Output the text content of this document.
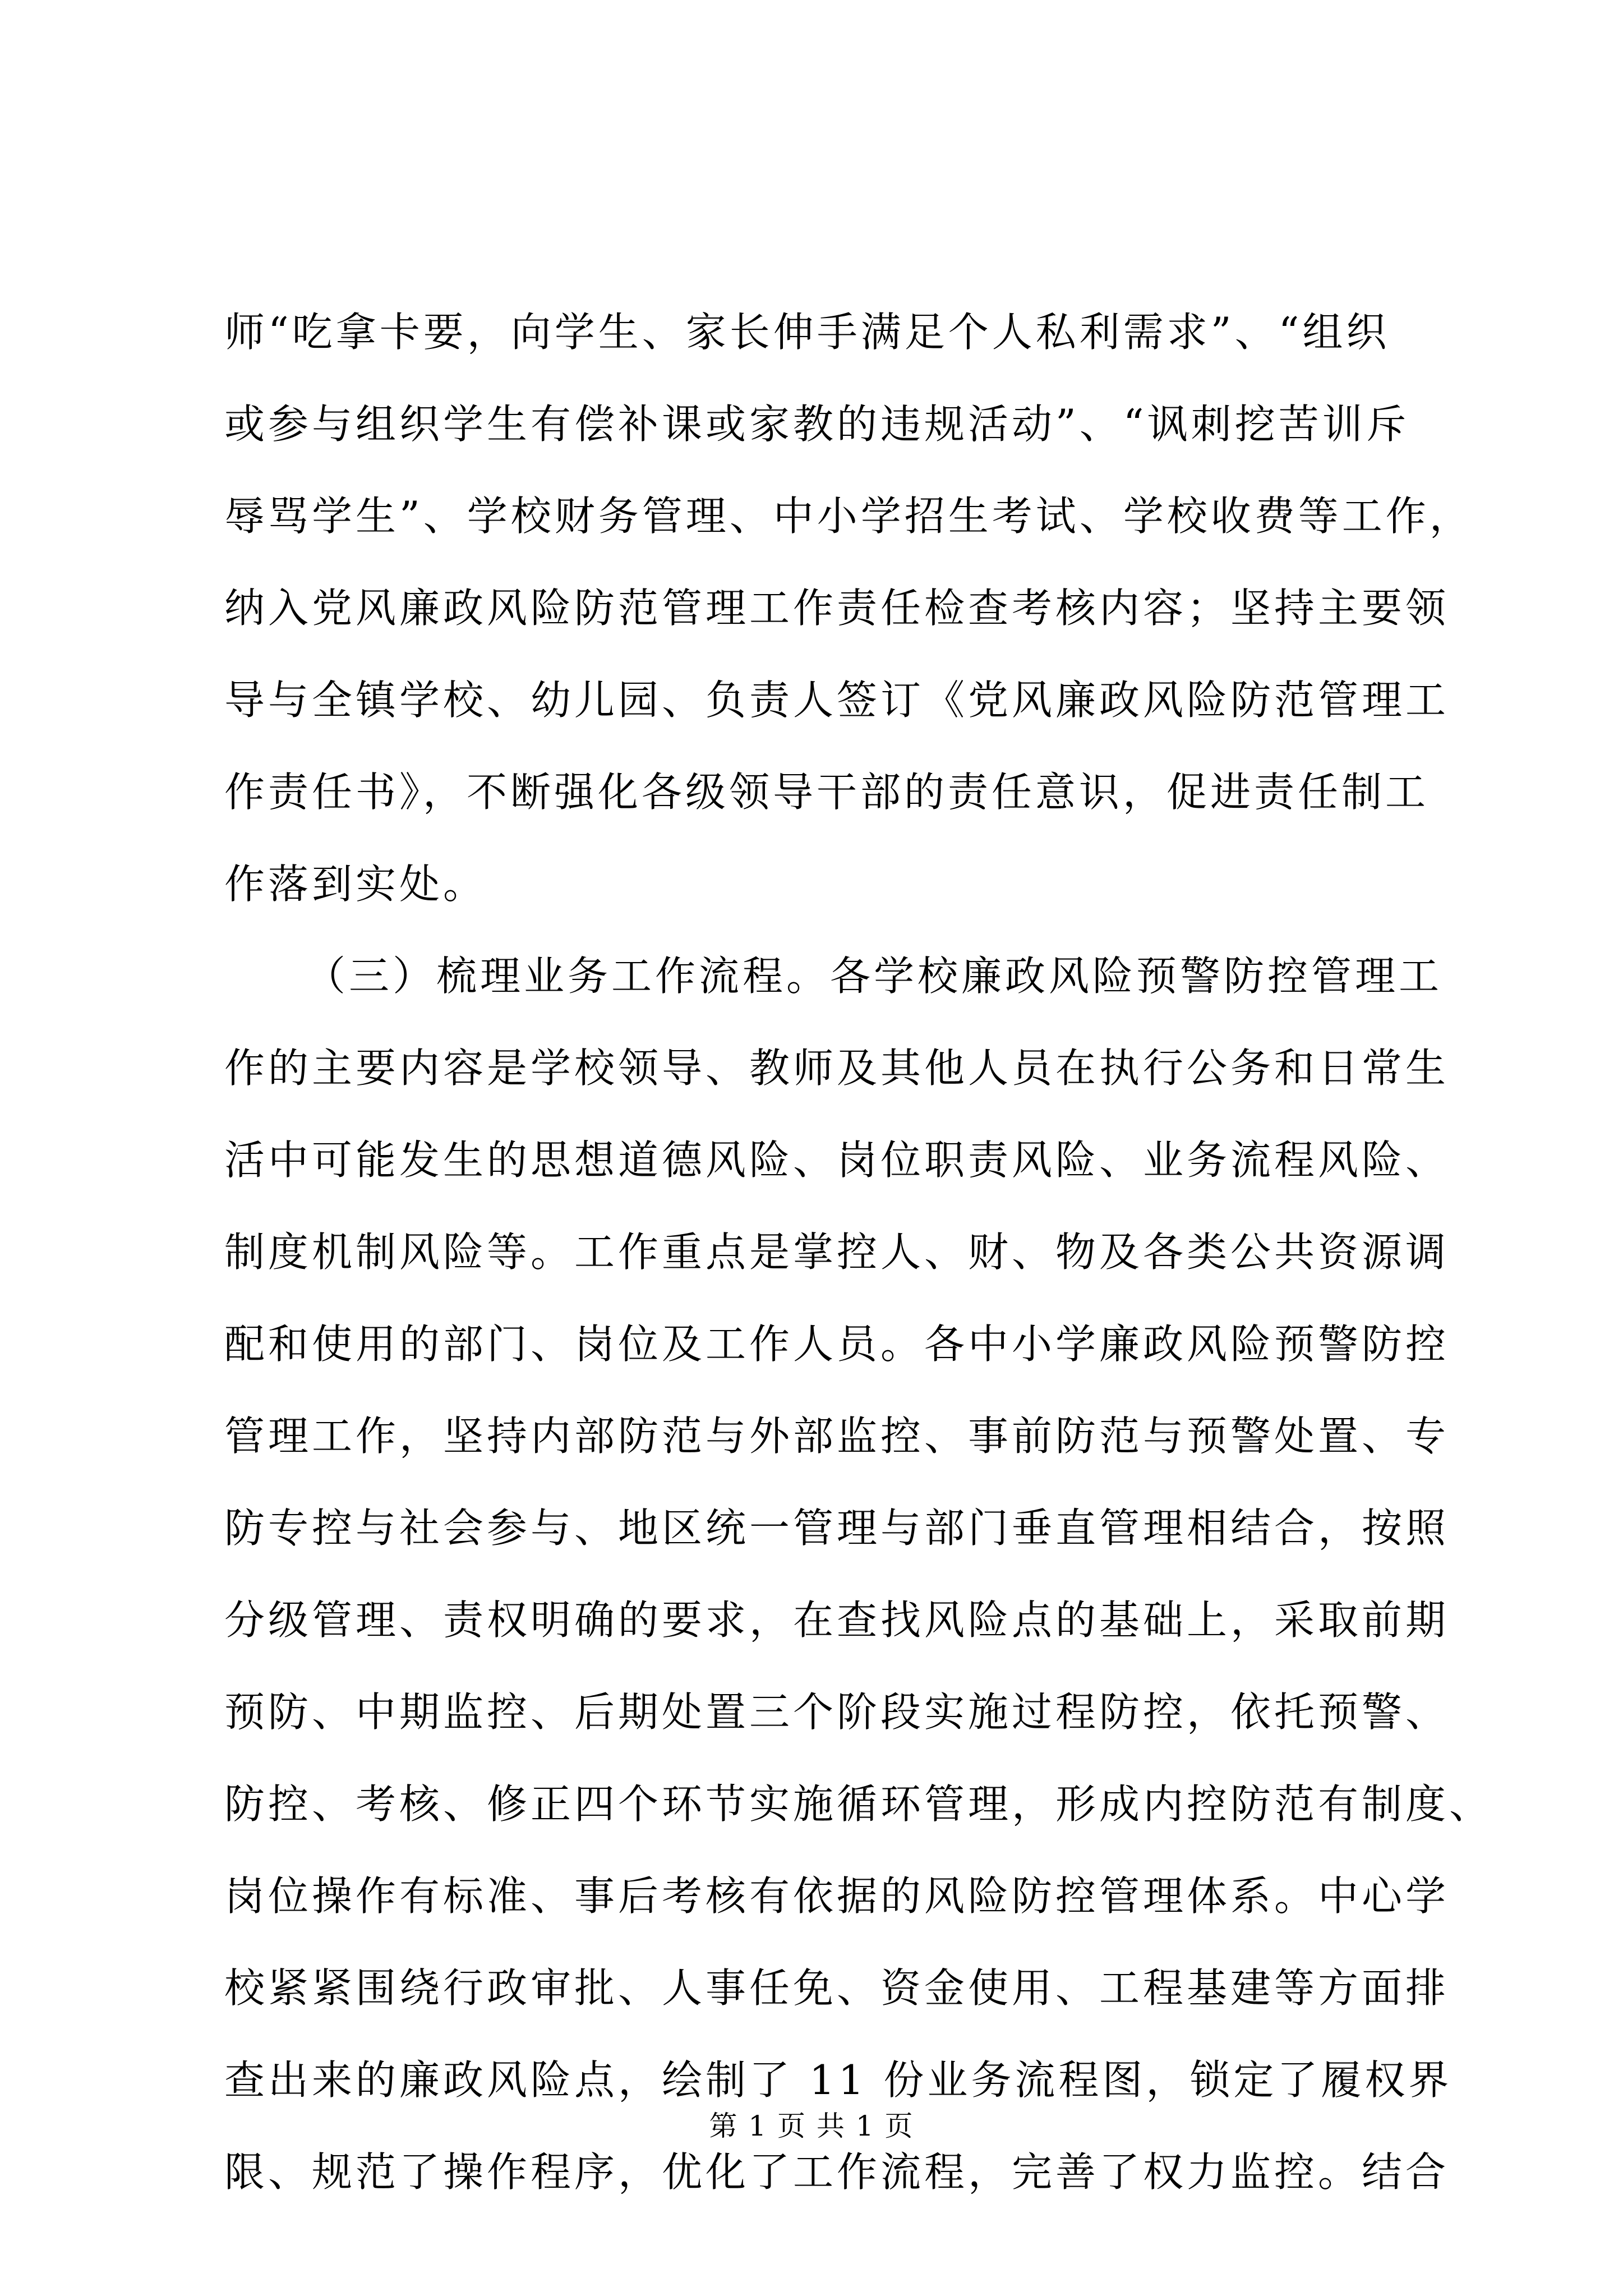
师“吃拿卡要，向学生、家长伸手满足个人私利需求”、“组织
或参与组织学生有偿补课或家教的违规活动”、“讽刺挖苦训斥
辱骂学生”、学校财务管理、中小学招生考试、学校收费等工作，
纳入党风廉政风险防范管理工作责任检查考核内容；坚持主要领
导与全镇学校、幼儿园、负责人签订《党风廉政风险防范管理工
作责任书》，不断强化各级领导干部的责任意识，促进责任制工
作落到实处。
（三）梳理业务工作流程。各学校廉政风险预警防控管理工
作的主要内容是学校领导、教师及其他人员在执行公务和日常生
活中可能发生的思想道德风险、岗位职责风险、业务流程风险、
制度机制风险等。工作重点是掌控人、财、物及各类公共资源调
配和使用的部门、岗位及工作人员。各中小学廉政风险预警防控
管理工作，坚持内部防范与外部监控、事前防范与预警处置、专
防专控与社会参与、地区统一管理与部门垂直管理相结合，按照
分级管理、责权明确的要求，在查找风险点的基础上，采取前期
预防、中期监控、后期处置三个阶段实施过程防控，依托预警、
防控、考核、修正四个环节实施循环管理，形成内控防范有制度、
岗位操作有标准、事后考核有依据的风险防控管理体系。中心学
校紧紧围绕行政审批、人事任免、资金使用、工程基建等方面排
查出来的廉政风险点，绘制了 11 份业务流程图，锁定了履权界
限、规范了操作程序，优化了工作流程，完善了权力监控。结合
第 1 页 共 1 页
